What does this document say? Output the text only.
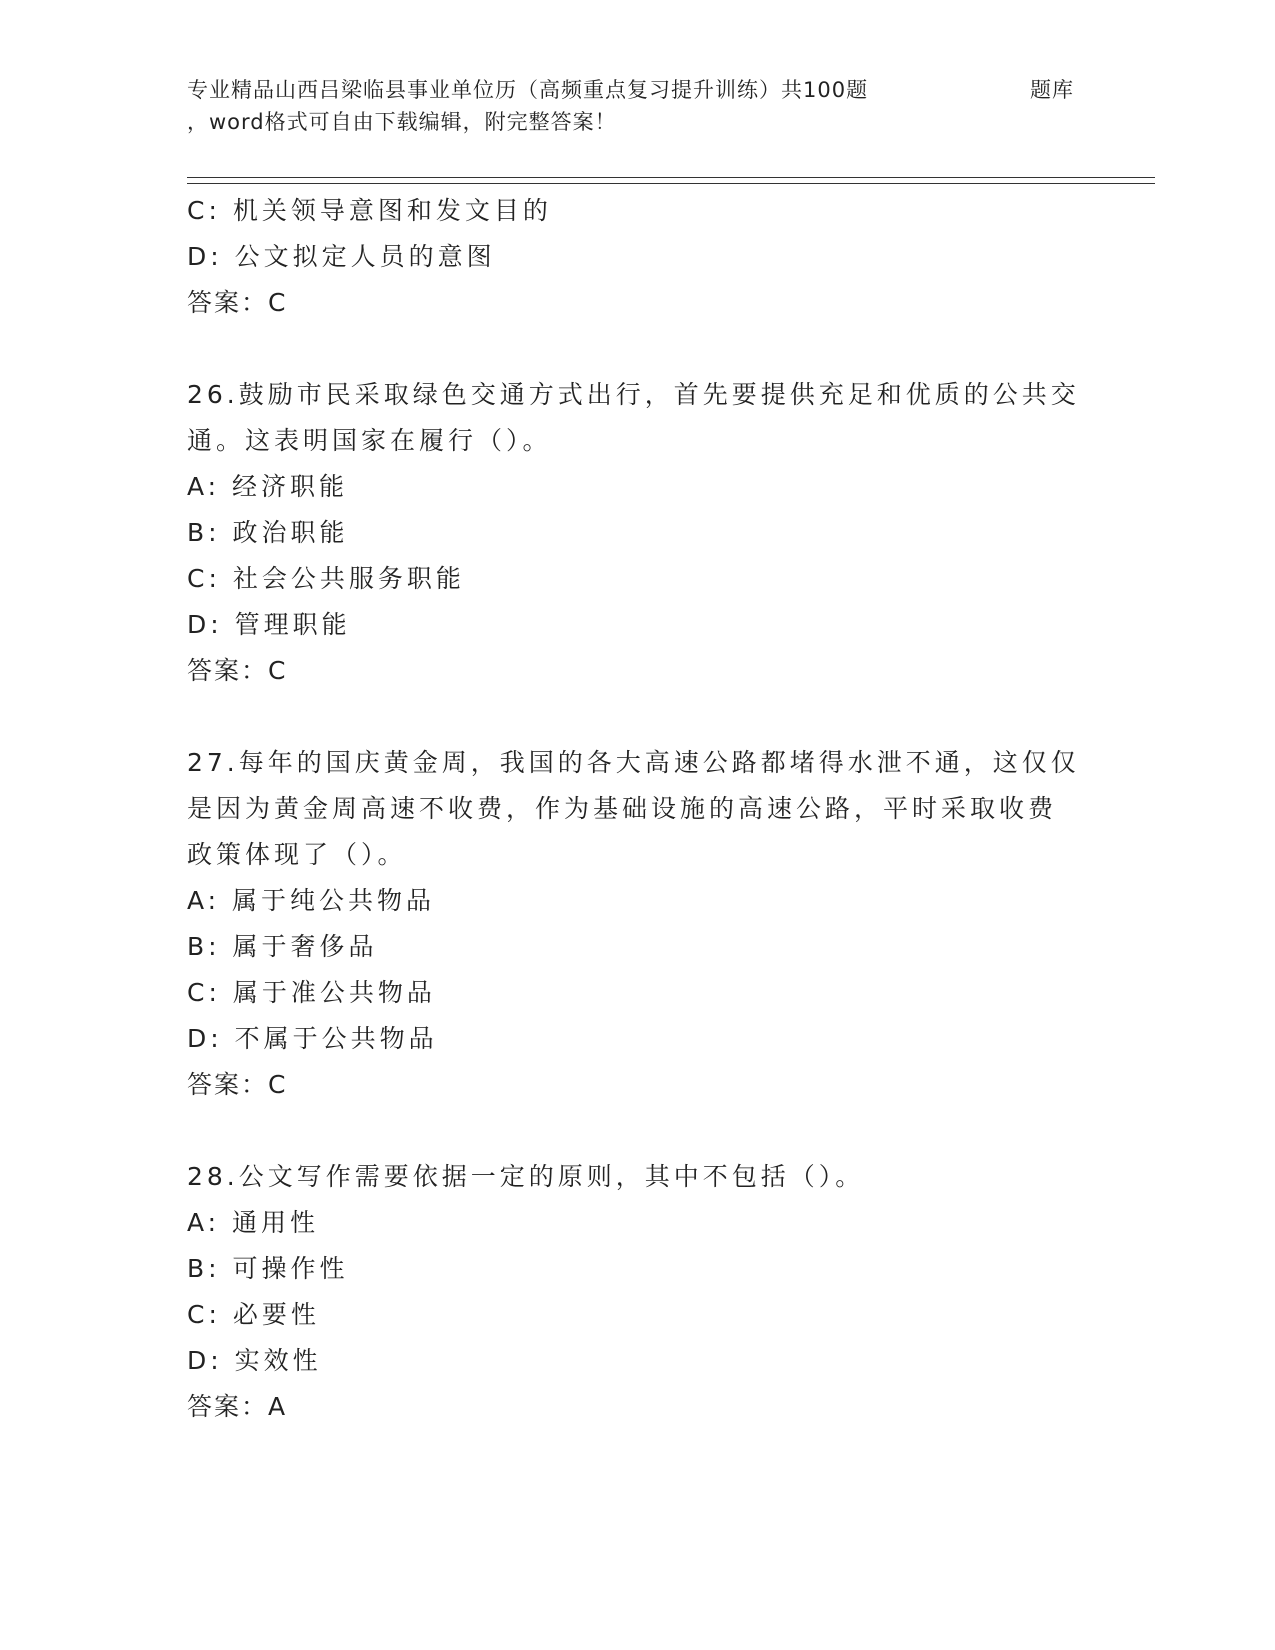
专业精品山西吕梁临县事业单位历（高频重点复习提升训练）共100题	题库
，word格式可自由下载编辑，附完整答案！
C: 机关领导意图和发文目的
D: 公文拟定人员的意图
答案：C
26.鼓励市民采取绿色交通方式出行，首先要提供充足和优质的公共交
通。这表明国家在履行（）。
A: 经济职能
B: 政治职能
C: 社会公共服务职能
D: 管理职能
答案：C
27.每年的国庆黄金周，我国的各大高速公路都堵得水泄不通，这仅仅
是因为黄金周高速不收费，作为基础设施的高速公路，平时采取收费
政策体现了（）。
A: 属于纯公共物品
B: 属于奢侈品
C: 属于准公共物品
D: 不属于公共物品
答案：C
28.公文写作需要依据一定的原则，其中不包括（）。
A: 通用性
B: 可操作性
C: 必要性
D: 实效性
答案：A
